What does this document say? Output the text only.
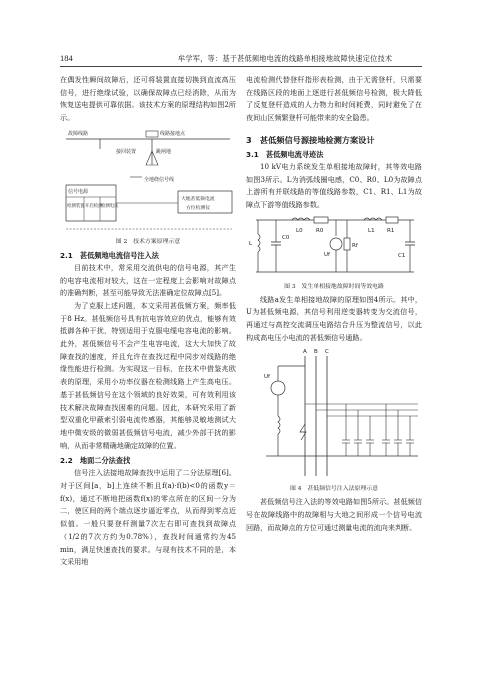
184	牟学军，等：基于甚低频地电流的线路单相接地故障快速定位技术

在偶发性瞬间故障后，还可将装置直接切换到直流高压信号，进行绝缘试验，以确保故障点已经消除，从而为恢复送电提供可靠依据。该技术方案的原理结构如图2所示。

故障线路	线路接地点
接回装置	跳闸地
全地绕信号线
信号电源
检测装置 开启检测
检测电压
大地甚低频电流
方位检测仪
图 2　技术方案原理示意
2.1　甚低频地电流信号注入法

目前技术中，常采用交流供电的信号电源，其产生的电容电流相对较大，这在一定程度上会影响对故障点的准确判断，甚至可能导致无法准确定位故障点[5]。

为了克服上述问题，本文采用甚低频方案，频率低于8 Hz。甚低频信号具有抗电容效应的优点，能够有效抵御各种干扰，特别适用于克服电缆电容电流的影响。此外，甚低频信号不会产生电容电流，这大大加快了故障查找的速度，并且允许在查找过程中同步对线路的绝缘性能进行检测。为实现这一目标，在技术中借鉴兆欧表的原理，采用小功率仪器在检测线路上产生高电压。基于甚低频信号在这个领域的良好效果，可有效利用该技术解决故障查找困难的问题。因此，本研究采用了新型双重化甲蔽索引弱电流传感器，其能够灵敏地测试大地中微安级的微弱甚低频信号电流，减少外部干扰的影响，从而非常精确地确定故障的位置。

2.2　地面二分法查找

信号注入法接地故障查找中运用了二分法原理[6]。对于区间[a，b]上连续不断且f(a)·f(b)<0的函数y＝f(x)，通过不断地把函数f(x)的零点所在的区间一分为二，使区间的两个端点逐步逼近零点，从而得到零点近似值。一般只要登杆测量7次左右即可查找到故障点（1/2的7次方约为0.78%），查找时间通常约为45 min，满足快速查找的要求。与现有技术不同的是，本文采用地

电流检测代替登杆指形表检测，由于无需登杆，只需要在线路区段的地面上逐进行甚低频信号检测，极大降低了反复登杆造成的人力物力和时间耗费，同时避免了在夜间山区频繁登杆可能带来的安全隐患。

3　甚低频信号源接地检测方案设计
3.1　甚低频电流寻迹法

10 kV电力系统发生单相接地故障时，其等效电路如图3所示。L为消弧线圈电感，C0、R0、L0为故障点上游所有并联线路的等值线路参数，C1、R1、L1为故障点下游等值线路参数。

L
C0
L0 R0
Uf
Rf
L1 R1
C1
图 3　发生单相接地故障时间等效电路

线路a发生单相接地故障的原理如图4所示。其中，U为甚低频电源，其信号利用逆变器转变为交流信号，再通过与高控交流调压电路结合升压为整流信号，以此构成高电压小电流的甚低频信号通路。

A B C
Uf
图 4　甚低频信号注入法原理示意

甚低频信号注入法的等效电路如图5所示。甚低频信号在故障线路中的故障相与大地之间形成一个信号电流回路，而故障点的方位可通过测量电流的流向来判断。
